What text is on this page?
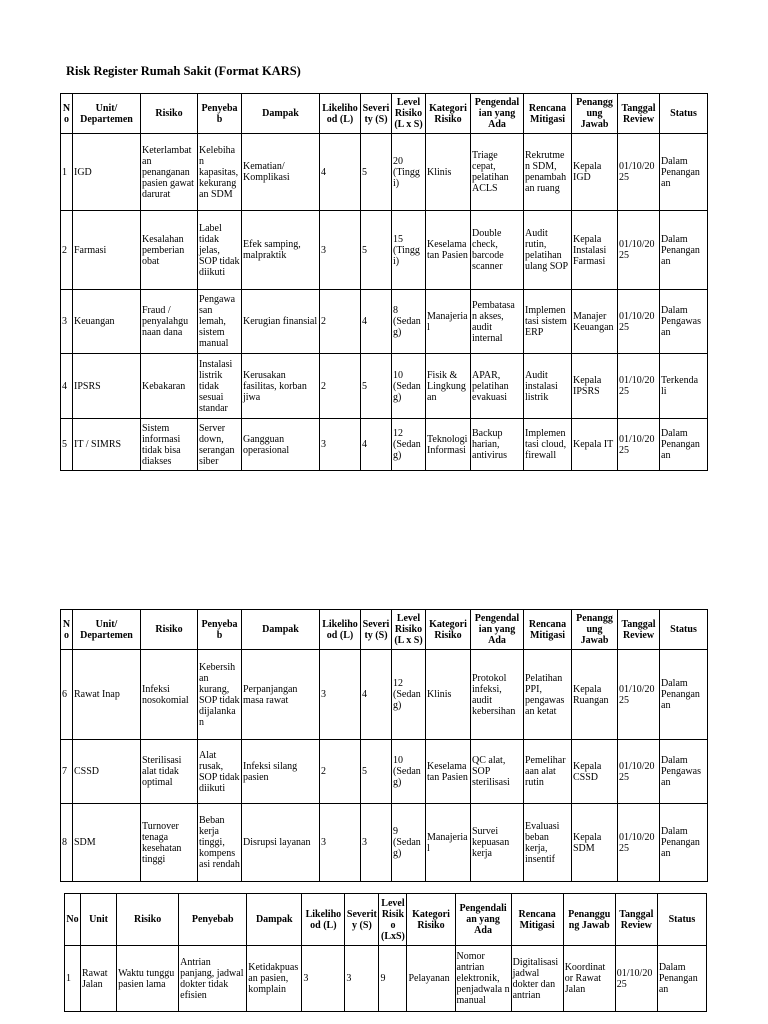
Risk Register Rumah Sakit (Format KARS)
N o	Unit/ Departemen	Risiko	Penyeba b	Dampak	Likeliho od (L)	Severi ty (S)	Level Risiko (L x S)	Kategori Risiko	Pengendal ian yang Ada	Rencana Mitigasi	Penangg ung Jawab	Tanggal Review	Status
1	IGD	Keterlambat an penanganan pasien gawat darurat	Kelebiha n kapasitas, kekurang an SDM	Kematian/ Komplikasi	4	5	20 (Tingg i)	Klinis	Triage cepat, pelatihan ACLS	Rekrutme n SDM, penambah an ruang	Kepala IGD	01/10/20 25	Dalam Penangan an
2	Farmasi	Kesalahan pemberian obat	Label tidak jelas, SOP tidak diikuti	Efek samping, malpraktik	3	5	15 (Tingg i)	Keselama tan Pasien	Double check, barcode scanner	Audit rutin, pelatihan ulang SOP	Kepala Instalasi Farmasi	01/10/20 25	Dalam Penangan an
3	Keuangan	Fraud / penyalahgu naan dana	Pengawa san lemah, sistem manual	Kerugian finansial	2	4	8 (Sedan g)	Manajeria l	Pembatasa n akses, audit internal	Implemen tasi sistem ERP	Manajer Keuangan	01/10/20 25	Dalam Pengawas an
4	IPSRS	Kebakaran	Instalasi listrik tidak sesuai standar	Kerusakan fasilitas, korban jiwa	2	5	10 (Sedan g)	Fisik & Lingkung an	APAR, pelatihan evakuasi	Audit instalasi listrik	Kepala IPSRS	01/10/20 25	Terkenda li
5	IT / SIMRS	Sistem informasi tidak bisa diakses	Server down, serangan siber	Gangguan operasional	3	4	12 (Sedan g)	Teknologi Informasi	Backup harian, antivirus	Implemen tasi cloud, firewall	Kepala IT	01/10/20 25	Dalam Penangan an
N o	Unit/ Departemen	Risiko	Penyeba b	Dampak	Likeliho od (L)	Severi ty (S)	Level Risiko (L x S)	Kategori Risiko	Pengendal ian yang Ada	Rencana Mitigasi	Penangg ung Jawab	Tanggal Review	Status
6	Rawat Inap	Infeksi nosokomial	Kebersih an kurang, SOP tidak dijalanka n	Perpanjangan masa rawat	3	4	12 (Sedan g)	Klinis	Protokol infeksi, audit kebersihan	Pelatihan PPI, pengawas an ketat	Kepala Ruangan	01/10/20 25	Dalam Penangan an
7	CSSD	Sterilisasi alat tidak optimal	Alat rusak, SOP tidak diikuti	Infeksi silang pasien	2	5	10 (Sedan g)	Keselama tan Pasien	QC alat, SOP sterilisasi	Pemelihar aan alat rutin	Kepala CSSD	01/10/20 25	Dalam Pengawas an
8	SDM	Turnover tenaga kesehatan tinggi	Beban kerja tinggi, kompens asi rendah	Disrupsi layanan	3	3	9 (Sedan g)	Manajeria l	Survei kepuasan kerja	Evaluasi beban kerja, insentif	Kepala SDM	01/10/20 25	Dalam Penangan an
No	Unit	Risiko	Penyebab	Dampak	Likeliho od (L)	Severit y (S)	Level Risik o (LxS)	Kategori Risiko	Pengendali an yang Ada	Rencana Mitigasi	Penanggu ng Jawab	Tanggal Review	Status
1	Rawat Jalan	Waktu tunggu pasien lama	Antrian panjang, jadwal dokter tidak efisien	Ketidakpuas an pasien, komplain	3	3	9	Pelayanan	Nomor antrian elektronik, penjadwala n manual	Digitalisasi jadwal dokter dan antrian	Koordinat or Rawat Jalan	01/10/20 25	Dalam Penangan an
